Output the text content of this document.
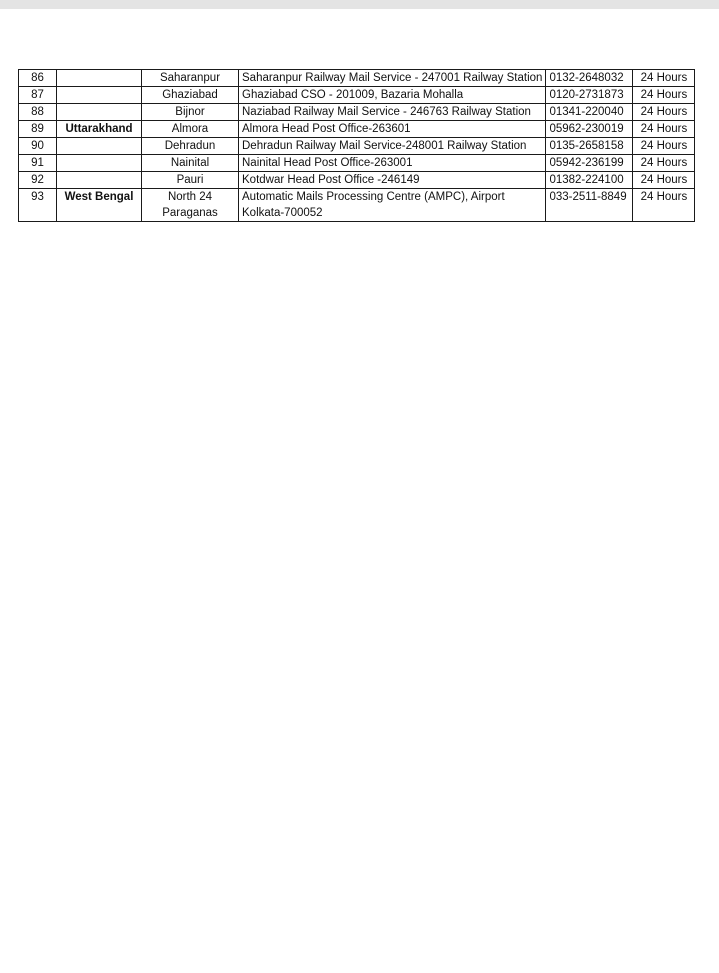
86		Saharanpur	Saharanpur Railway Mail Service - 247001 Railway Station	0132-2648032	24 Hours
87		Ghaziabad	Ghaziabad CSO - 201009, Bazaria Mohalla	0120-2731873	24 Hours
88		Bijnor	Naziabad Railway Mail Service - 246763 Railway Station	01341-220040	24 Hours
89	Uttarakhand	Almora	Almora Head Post Office-263601	05962-230019	24 Hours
90		Dehradun	Dehradun Railway Mail Service-248001 Railway Station	0135-2658158	24 Hours
91		Nainital	Nainital Head Post Office-263001	05942-236199	24 Hours
92		Pauri	Kotdwar Head Post Office -246149	01382-224100	24 Hours
93	West Bengal	North 24 Paraganas	Automatic Mails Processing Centre (AMPC), Airport Kolkata-700052	033-2511-8849	24 Hours
